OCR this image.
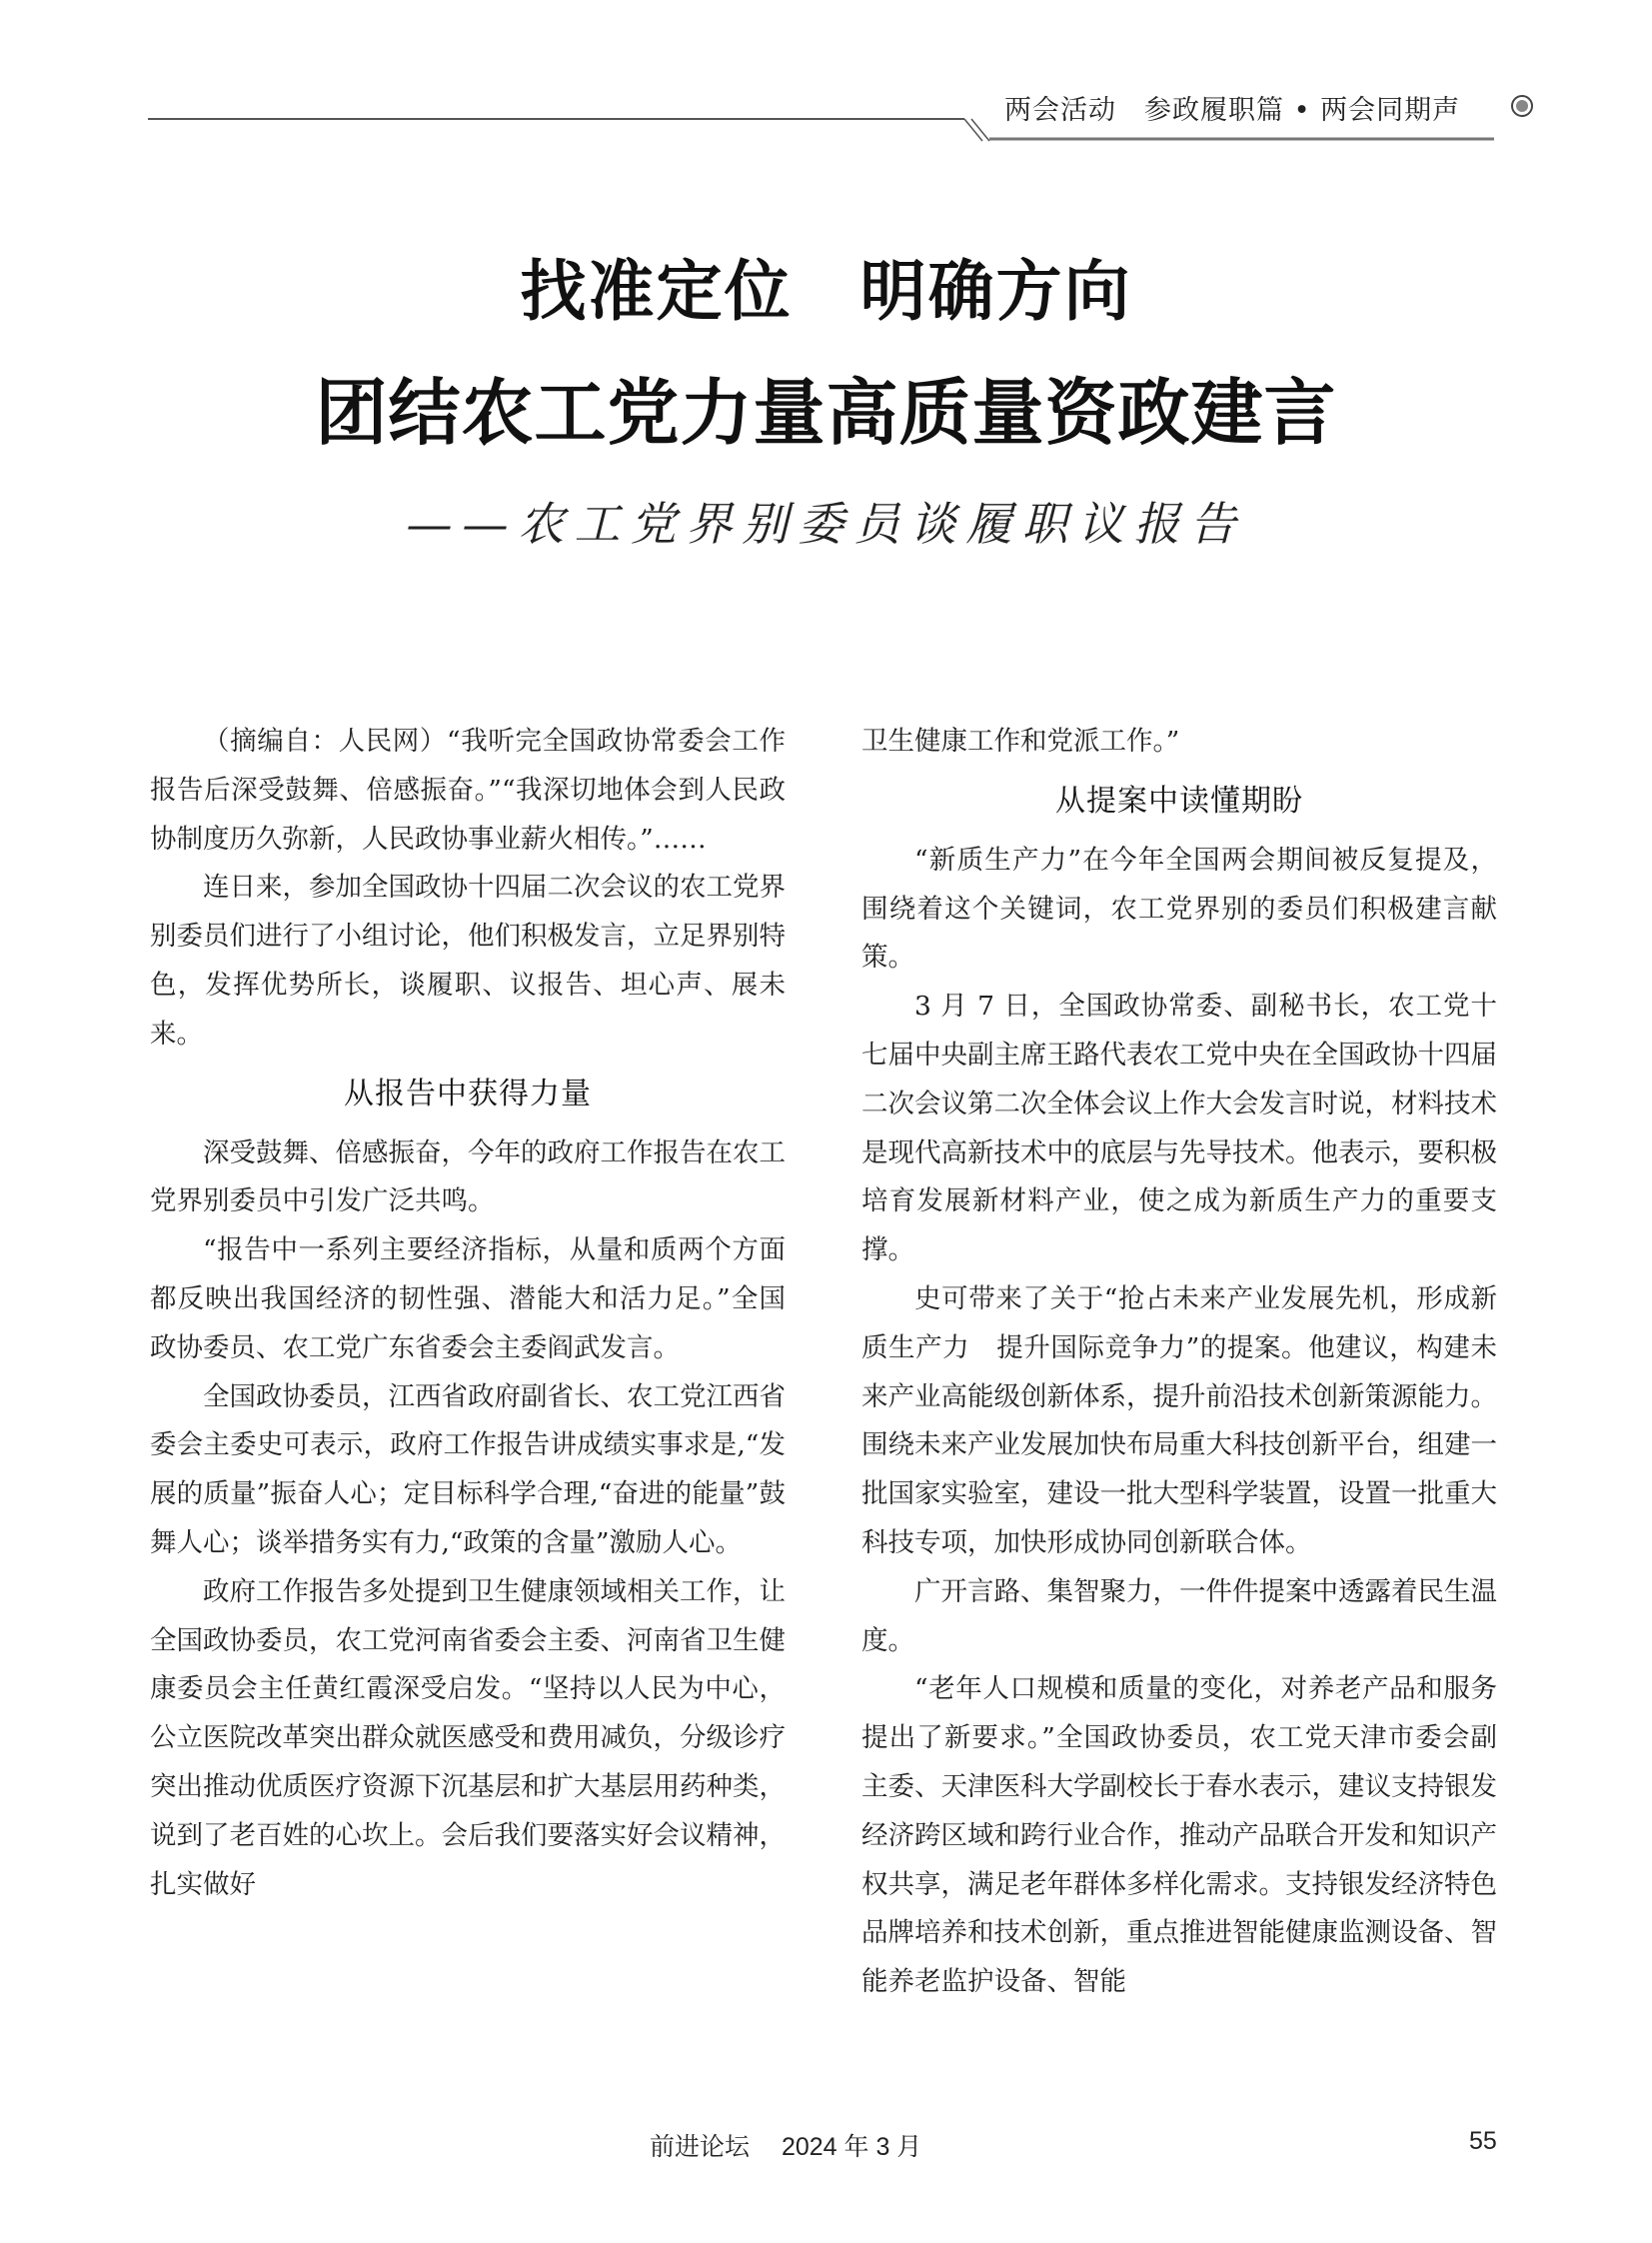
两会活动　参政履职篇 • 两会同期声
找准定位　明确方向
团结农工党力量高质量资政建言
——农工党界别委员谈履职议报告

（摘编自：人民网）“我听完全国政协常委会工作报告后深受鼓舞、倍感振奋。”“我深切地体会到人民政协制度历久弥新，人民政协事业薪火相传。”……

连日来，参加全国政协十四届二次会议的农工党界别委员们进行了小组讨论，他们积极发言，立足界别特色，发挥优势所长，谈履职、议报告、坦心声、展未来。

从报告中获得力量

深受鼓舞、倍感振奋，今年的政府工作报告在农工党界别委员中引发广泛共鸣。

“报告中一系列主要经济指标，从量和质两个方面都反映出我国经济的韧性强、潜能大和活力足。”全国政协委员、农工党广东省委会主委阎武发言。

全国政协委员，江西省政府副省长、农工党江西省委会主委史可表示，政府工作报告讲成绩实事求是,“发展的质量”振奋人心；定目标科学合理,“奋进的能量”鼓舞人心；谈举措务实有力,“政策的含量”激励人心。

政府工作报告多处提到卫生健康领域相关工作，让全国政协委员，农工党河南省委会主委、河南省卫生健康委员会主任黄红霞深受启发。“坚持以人民为中心，公立医院改革突出群众就医感受和费用减负，分级诊疗突出推动优质医疗资源下沉基层和扩大基层用药种类，说到了老百姓的心坎上。会后我们要落实好会议精神，扎实做好

卫生健康工作和党派工作。”

从提案中读懂期盼

“新质生产力”在今年全国两会期间被反复提及，围绕着这个关键词，农工党界别的委员们积极建言献策。

3 月 7 日，全国政协常委、副秘书长，农工党十七届中央副主席王路代表农工党中央在全国政协十四届二次会议第二次全体会议上作大会发言时说，材料技术是现代高新技术中的底层与先导技术。他表示，要积极培育发展新材料产业，使之成为新质生产力的重要支撑。

史可带来了关于“抢占未来产业发展先机，形成新质生产力　提升国际竞争力”的提案。他建议，构建未来产业高能级创新体系，提升前沿技术创新策源能力。围绕未来产业发展加快布局重大科技创新平台，组建一批国家实验室，建设一批大型科学装置，设置一批重大科技专项，加快形成协同创新联合体。

广开言路、集智聚力，一件件提案中透露着民生温度。

“老年人口规模和质量的变化，对养老产品和服务提出了新要求。”全国政协委员，农工党天津市委会副主委、天津医科大学副校长于春水表示，建议支持银发经济跨区域和跨行业合作，推动产品联合开发和知识产权共享，满足老年群体多样化需求。支持银发经济特色品牌培养和技术创新，重点推进智能健康监测设备、智能养老监护设备、智能

前进论坛　 2024 年 3 月	55
